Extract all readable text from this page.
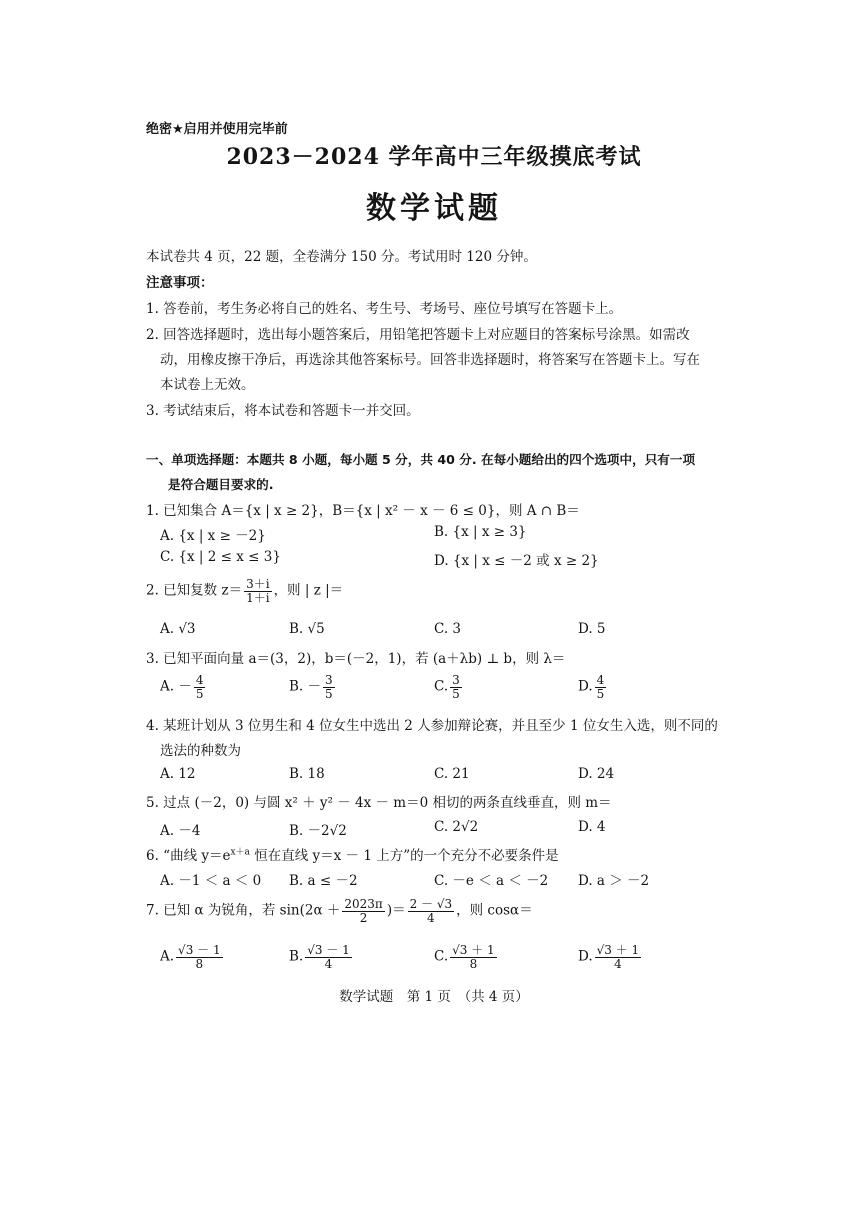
绝密★启用并使用完毕前
2023－2024 学年高中三年级摸底考试
数学试题
本试卷共 4 页，22 题，全卷满分 150 分。考试用时 120 分钟。
注意事项：
1. 答卷前，考生务必将自己的姓名、考生号、考场号、座位号填写在答题卡上。
2. 回答选择题时，选出每小题答案后，用铅笔把答题卡上对应题目的答案标号涂黑。如需改
动，用橡皮擦干净后，再选涂其他答案标号。回答非选择题时，将答案写在答题卡上。写在
本试卷上无效。
3. 考试结束后，将本试卷和答题卡一并交回。
一、单项选择题：本题共 8 小题，每小题 5 分，共 40 分. 在每小题给出的四个选项中，只有一项
是符合题目要求的.
1. 已知集合 A＝{x | x ≥ 2}，B＝{x | x² － x － 6 ≤ 0}，则 A ∩ B＝
A. {x | x ≥ －2}	B. {x | x ≥ 3}
C. {x | 2 ≤ x ≤ 3}	D. {x | x ≤ －2 或 x ≥ 2}
2. 已知复数 $z= \frac{3+i}{1+i}$ ，则 | z |＝
A. √3	B. √5	C. 3	D. 5
3. 已知平面向量 a＝(3，2)，b＝(－2，1)，若 (a＋λb) ⊥ b，则 λ＝
A. － $\frac{4}{5}$	B. － $\frac{3}{5}$	C. $\frac{3}{5}$	D. $\frac{4}{5}$
4. 某班计划从 3 位男生和 4 位女生中选出 2 人参加辩论赛，并且至少 1 位女生入选，则不同的
选法的种数为
A. 12	B. 18	C. 21	D. 24
5. 过点 (－2，0) 与圆 x² ＋ y² － 4x － m＝0 相切的两条直线垂直，则 m＝
A. －4	B. －2√2	C. 2√2	D. 4
6. “曲线 $y=e^{x+a}$ 恒在直线 y＝x － 1 上方”的一个充分不必要条件是
A. －1 ＜ a ＜ 0 B. a ≤ －2	C. －e ＜ a ＜ －2 D. a ＞ －2
7. 已知 α 为锐角，若 $\sin(2\alpha + \frac{2023\pi}{2}$ )＝ $\frac{2 - √3}{4}$ ，则 cosα＝
A. $\frac{√3 - 1}{8}$	B. $\frac{√3 - 1}{4}$	C. $\frac{√3 + 1}{8}$	D. $\frac{√3 + 1}{4}$
数学试题　第 1 页　（共 4 页）
